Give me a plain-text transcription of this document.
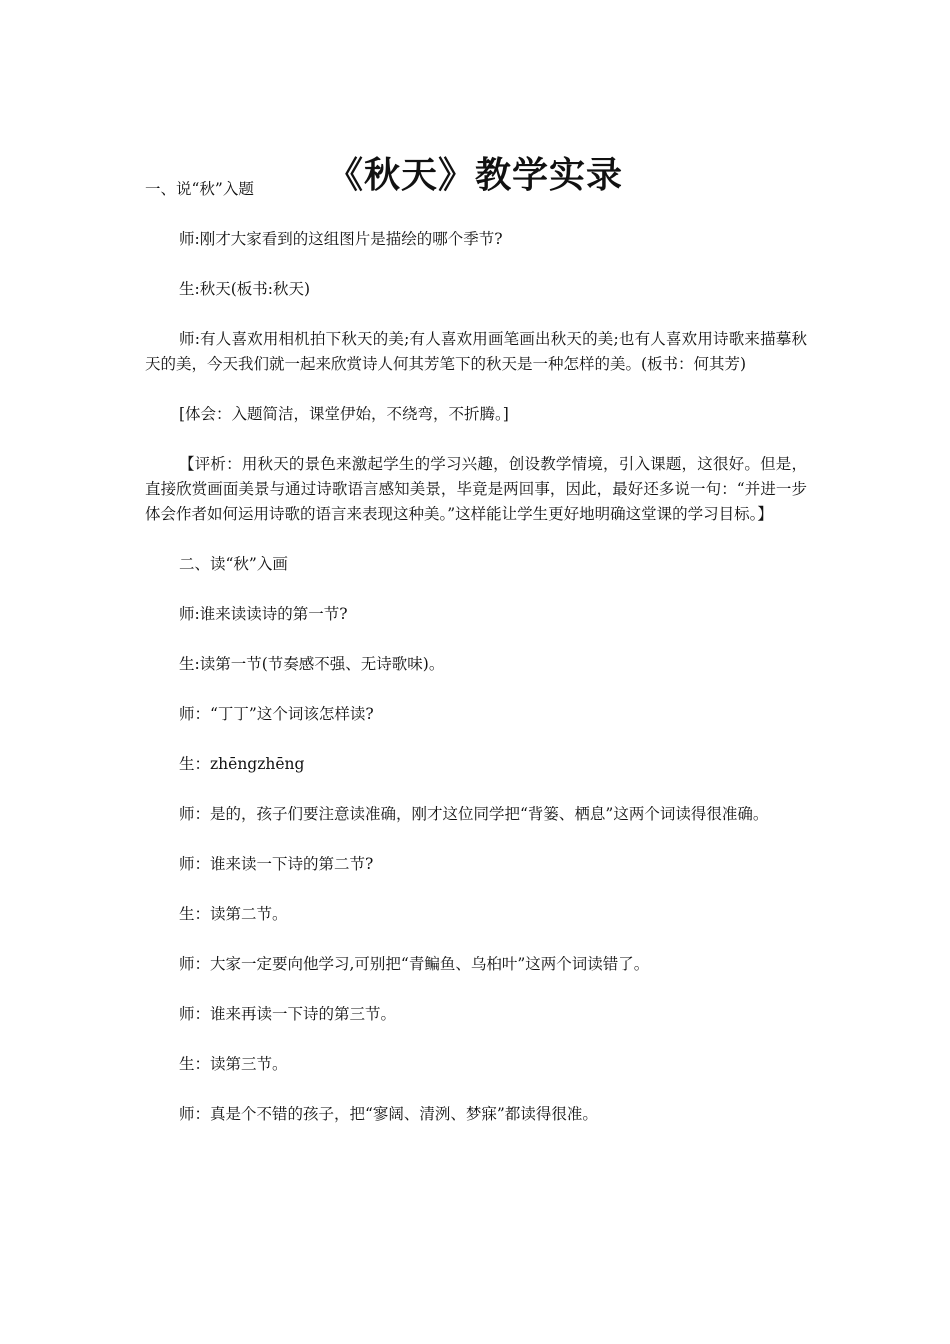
《秋天》教学实录

一、说“秋”入题

师:刚才大家看到的这组图片是描绘的哪个季节?

生:秋天(板书:秋天)

师:有人喜欢用相机拍下秋天的美;有人喜欢用画笔画出秋天的美;也有人喜欢用诗歌来描摹秋天的美，今天我们就一起来欣赏诗人何其芳笔下的秋天是一种怎样的美。(板书：何其芳)

[体会：入题简洁，课堂伊始，不绕弯，不折腾。]

【评析：用秋天的景色来激起学生的学习兴趣，创设教学情境，引入课题，这很好。但是，直接欣赏画面美景与通过诗歌语言感知美景，毕竟是两回事，因此，最好还多说一句：“并进一步体会作者如何运用诗歌的语言来表现这种美。”这样能让学生更好地明确这堂课的学习目标。】

二、读“秋”入画

师:谁来读读诗的第一节?

生:读第一节(节奏感不强、无诗歌味)。

师：“丁丁”这个词该怎样读?

生：zhēngzhēng

师：是的，孩子们要注意读准确，刚才这位同学把“背篓、栖息”这两个词读得很准确。

师：谁来读一下诗的第二节?

生：读第二节。

师：大家一定要向他学习,可别把“青鳊鱼、乌桕叶”这两个词读错了。

师：谁来再读一下诗的第三节。

生：读第三节。

师：真是个不错的孩子，把“寥阔、清洌、梦寐”都读得很准。
